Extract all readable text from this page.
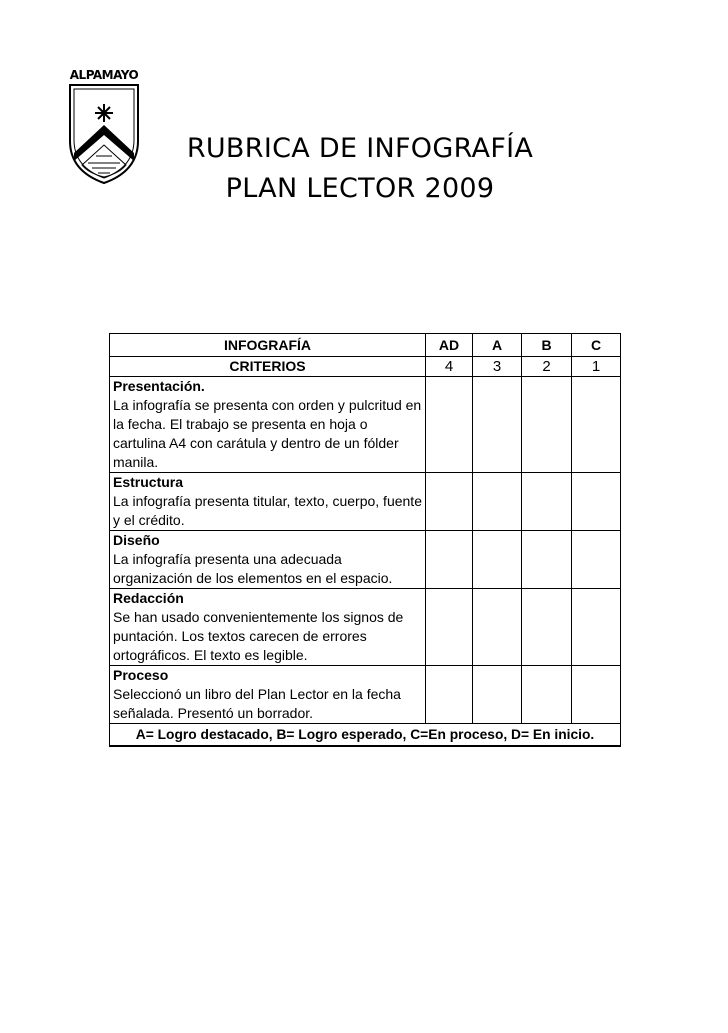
ALPAMAYO
RUBRICA DE INFOGRAFÍA
PLAN LECTOR 2009
INFOGRAFÍA	AD	A	B	C
CRITERIOS	4	3	2	1

Presentación.
La infografía se presenta con orden y pulcritud en la fecha. El trabajo se presenta en hoja o cartulina A4 con carátula y dentro de un fólder manila.				

Estructura
La infografía presenta titular, texto, cuerpo, fuente y el crédito.				

Diseño
La infografía presenta una adecuada organización de los elementos en el espacio.				

Redacción
Se han usado convenientemente los signos de puntación. Los textos carecen de errores ortográficos. El texto es legible.				

Proceso
Seleccionó un libro del Plan Lector en la fecha señalada. Presentó un borrador.				

A= Logro destacado, B= Logro esperado, C=En proceso, D= En inicio.				
